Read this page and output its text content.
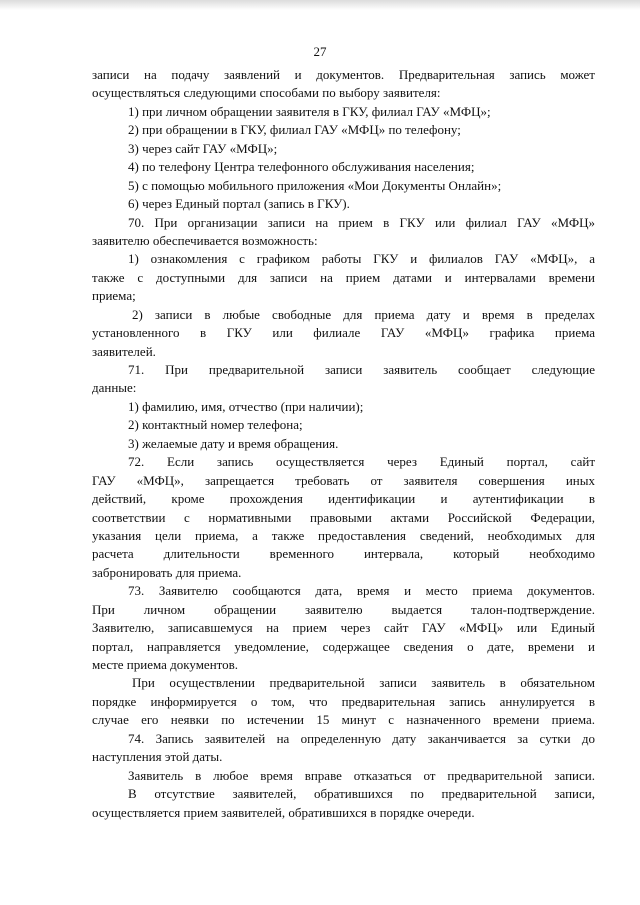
27
записи на подачу заявлений и документов. Предварительная запись может
осуществляться следующими способами по выбору заявителя:
1) при личном обращении заявителя в ГКУ, филиал ГАУ «МФЦ»;
2) при обращении в ГКУ, филиал ГАУ «МФЦ» по телефону;
3) через сайт ГАУ «МФЦ»;
4) по телефону Центра телефонного обслуживания населения;
5) с помощью мобильного приложения «Мои Документы Онлайн»;
6) через Единый портал (запись в ГКУ).
70. При организации записи на прием в ГКУ или филиал ГАУ «МФЦ»
заявителю обеспечивается возможность:
1) ознакомления с графиком работы ГКУ и филиалов ГАУ «МФЦ», а
также с доступными для записи на прием датами и интервалами времени
приема;
2) записи в любые свободные для приема дату и время в пределах
установленного в ГКУ или филиале ГАУ «МФЦ» графика приема
заявителей.
71. При предварительной записи заявитель сообщает следующие
данные:
1) фамилию, имя, отчество (при наличии);
2) контактный номер телефона;
3) желаемые дату и время обращения.
72. Если запись осуществляется через Единый портал, сайт
ГАУ «МФЦ», запрещается требовать от заявителя совершения иных
действий, кроме прохождения идентификации и аутентификации в
соответствии с нормативными правовыми актами Российской Федерации,
указания цели приема, а также предоставления сведений, необходимых для
расчета длительности временного интервала, который необходимо
забронировать для приема.
73. Заявителю сообщаются дата, время и место приема документов.
При личном обращении заявителю выдается талон-подтверждение.
Заявителю, записавшемуся на прием через сайт ГАУ «МФЦ» или Единый
портал, направляется уведомление, содержащее сведения о дате, времени и
месте приема документов.
При осуществлении предварительной записи заявитель в обязательном
порядке информируется о том, что предварительная запись аннулируется в
случае его неявки по истечении 15 минут с назначенного времени приема.
74. Запись заявителей на определенную дату заканчивается за сутки до
наступления этой даты.
Заявитель в любое время вправе отказаться от предварительной записи.
В отсутствие заявителей, обратившихся по предварительной записи,
осуществляется прием заявителей, обратившихся в порядке очереди.
